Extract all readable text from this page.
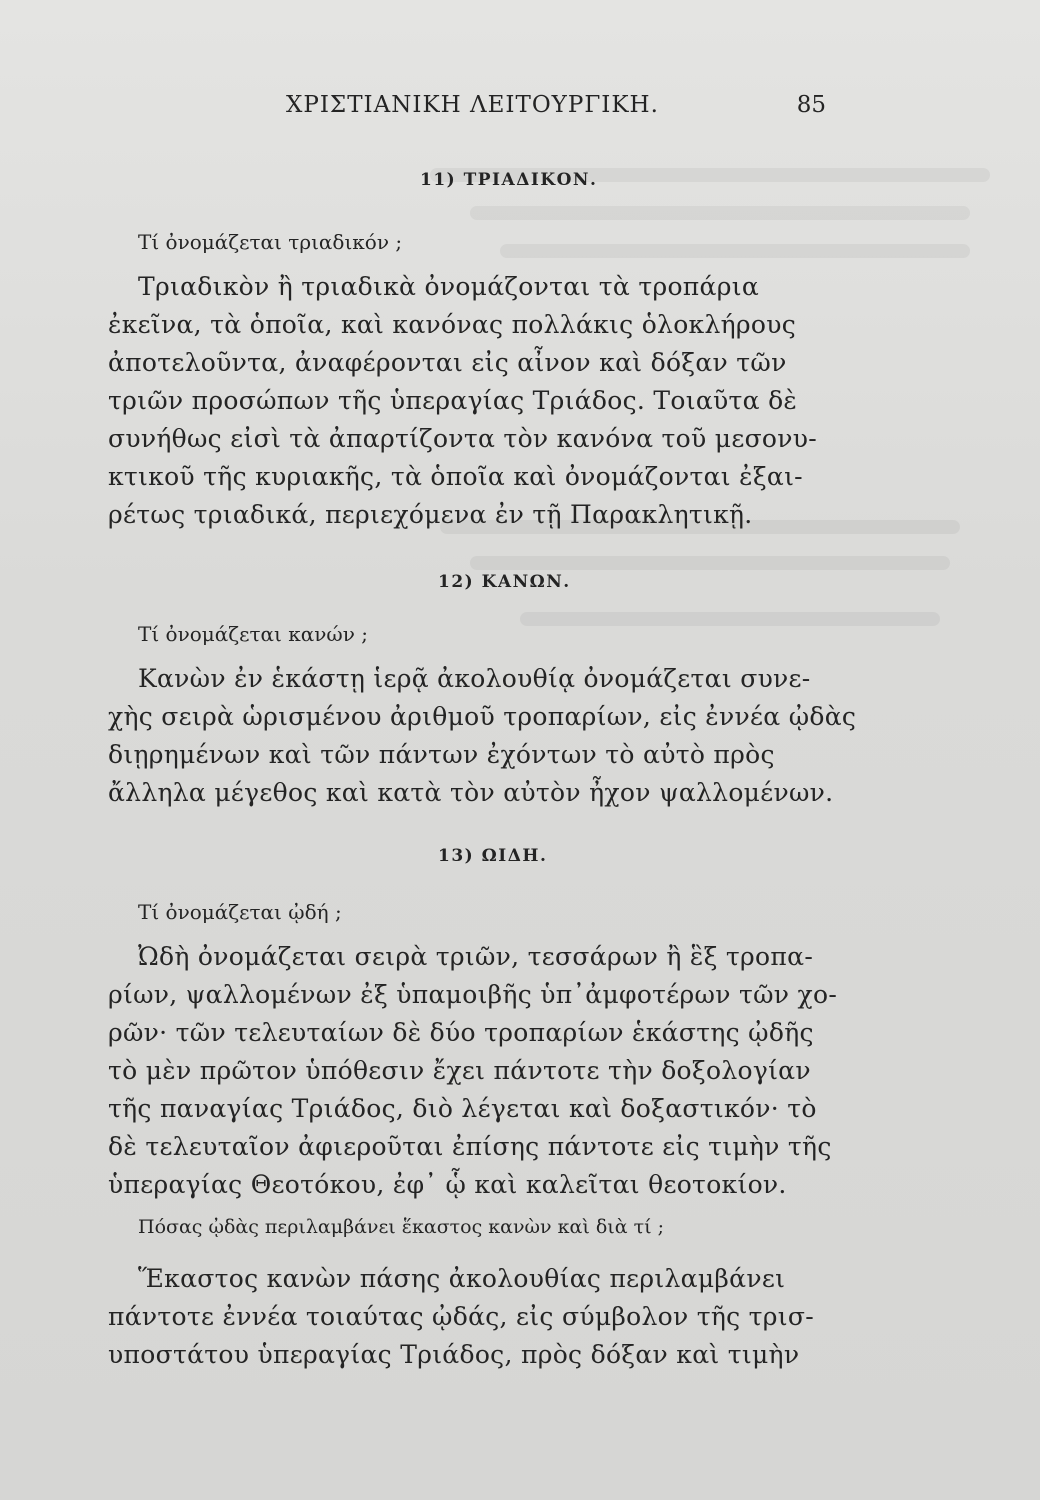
ΧΡΙΣΤΙΑΝΙΚΗ ΛΕΙΤΟΥΡΓΙΚΗ.	85
11) ΤΡΙΑΔΙΚΟΝ.
Τί ὀνομάζεται τριαδικόν ;
Τριαδικὸν ἢ τριαδικὰ ὀνομάζονται τὰ τροπάρια
ἐκεῖνα, τὰ ὁποῖα, καὶ κανόνας πολλάκις ὁλοκλήρους
ἀποτελοῦντα, ἀναφέρονται εἰς αἶνον καὶ δόξαν τῶν
τριῶν προσώπων τῆς ὑπεραγίας Τριάδος. Τοιαῦτα δὲ
συνήθως εἰσὶ τὰ ἀπαρτίζοντα τὸν κανόνα τοῦ μεσονυ-
κτικοῦ τῆς κυριακῆς, τὰ ὁποῖα καὶ ὀνομάζονται ἐξαι-
ρέτως τριαδικά, περιεχόμενα ἐν τῇ Παρακλητικῇ.
12) ΚΑΝΩΝ.
Τί ὀνομάζεται κανών ;
Κανὼν ἐν ἑκάστῃ ἱερᾷ ἀκολουθίᾳ ὀνομάζεται συνε-
χὴς σειρὰ ὡρισμένου ἀριθμοῦ τροπαρίων, εἰς ἐννέα ᾠδὰς
διῃρημένων καὶ τῶν πάντων ἐχόντων τὸ αὐτὸ πρὸς
ἄλληλα μέγεθος καὶ κατὰ τὸν αὐτὸν ἦχον ψαλλομένων.
13) ΩΙΔΗ.
Τί ὀνομάζεται ᾠδή ;
Ὠδὴ ὀνομάζεται σειρὰ τριῶν, τεσσάρων ἢ ἓξ τροπα-
ρίων, ψαλλομένων ἐξ ὑπαμοιβῆς ὑπ᾽ἀμφοτέρων τῶν χο-
ρῶν· τῶν τελευταίων δὲ δύο τροπαρίων ἑκάστης ᾠδῆς
τὸ μὲν πρῶτον ὑπόθεσιν ἔχει πάντοτε τὴν δοξολογίαν
τῆς παναγίας Τριάδος, διὸ λέγεται καὶ δοξαστικόν· τὸ
δὲ τελευταῖον ἀφιεροῦται ἐπίσης πάντοτε εἰς τιμὴν τῆς
ὑπεραγίας Θεοτόκου, ἐφ᾽ ᾧ καὶ καλεῖται θεοτοκίον.
Πόσας ᾠδὰς περιλαμβάνει ἕκαστος κανὼν καὶ διὰ τί ;
Ἕκαστος κανὼν πάσης ἀκολουθίας περιλαμβάνει
πάντοτε ἐννέα τοιαύτας ᾠδάς, εἰς σύμβολον τῆς τρισ-
υποστάτου ὑπεραγίας Τριάδος, πρὸς δόξαν καὶ τιμὴν
